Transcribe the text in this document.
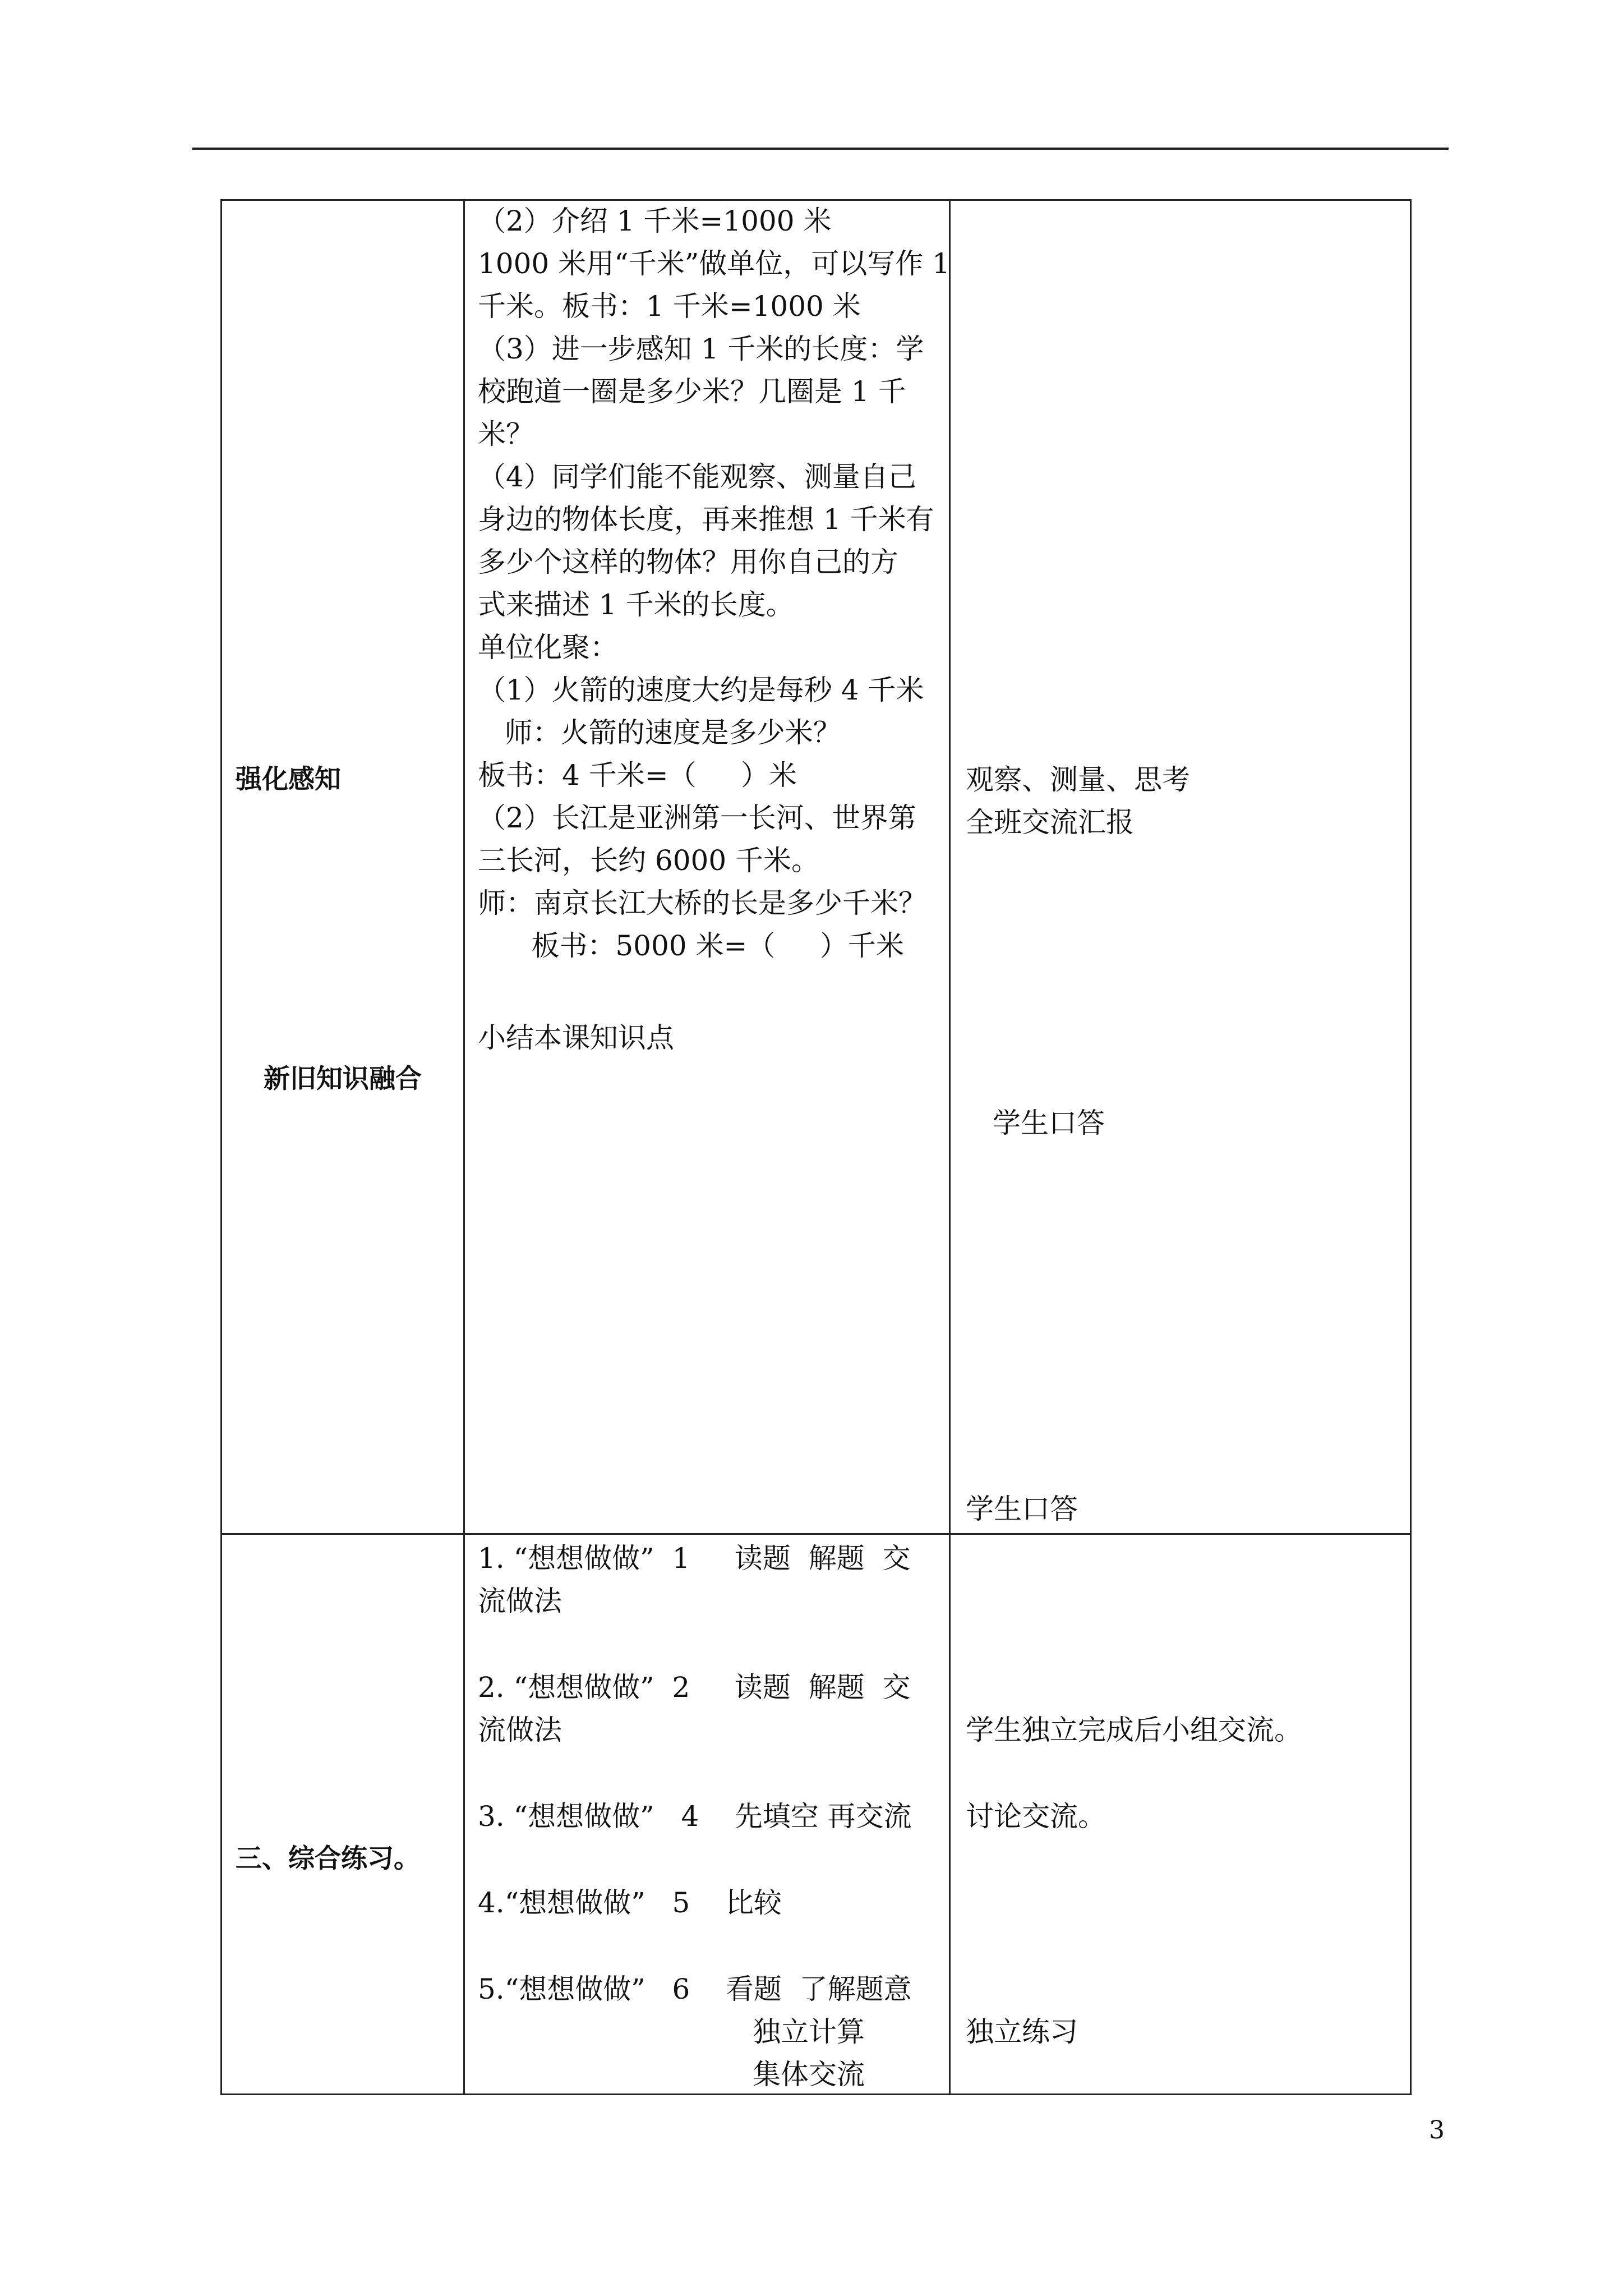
强化感知
新旧知识融合
（2）介绍 1 千米=1000 米
1000 米用“千米”做单位，可以写作 1
千米。板书：1 千米=1000 米
（3）进一步感知 1 千米的长度：学
校跑道一圈是多少米？几圈是 1 千
米？
（4）同学们能不能观察、测量自己
身边的物体长度，再来推想 1 千米有
多少个这样的物体？用你自己的方
式来描述 1 千米的长度。
单位化聚：
（1）火箭的速度大约是每秒 4 千米
师：火箭的速度是多少米？
板书：4 千米=（     ）米
（2）长江是亚洲第一长河、世界第
三长河，长约 6000 千米。
师：南京长江大桥的长是多少千米？
板书：5000 米=（     ）千米
小结本课知识点
观察、测量、思考
全班交流汇报
学生口答
学生口答
三、综合练习。
1. “想想做做”  1     读题  解题  交
流做法
2. “想想做做”  2     读题  解题  交
流做法
3. “想想做做”   4    先填空 再交流
4.“想想做做”   5    比较
5.“想想做做”   6    看题  了解题意
独立计算
集体交流
学生独立完成后小组交流。
讨论交流。
独立练习
3
